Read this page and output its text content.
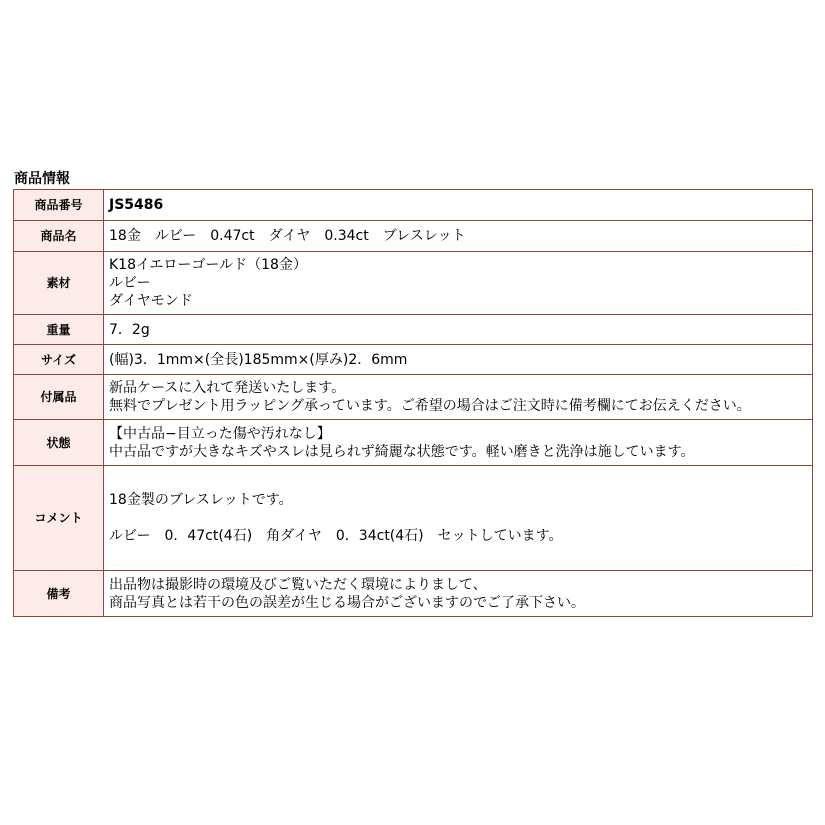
商品情報
商品番号	JS5486

商品名	18金　ルビー　0.47ct　ダイヤ　0.34ct　ブレスレット

素材	K18イエローゴールド（18金）
ルビー
ダイヤモンド

重量	7．2g

サイズ	(幅)3．1mm×(全長)185mm×(厚み)2．6mm

付属品	新品ケースに入れて発送いたします。
無料でプレゼント用ラッピング承っています。ご希望の場合はご注文時に備考欄にてお伝えください。

状態	【中古品−目立った傷や汚れなし】
中古品ですが大きなキズやスレは見られず綺麗な状態です。軽い磨きと洗浄は施しています。

コメント	18金製のブレスレットです。
ルビー　0．47ct(4石)　角ダイヤ　0．34ct(4石)　セットしています。

備考	出品物は撮影時の環境及びご覧いただく環境によりまして、
商品写真とは若干の色の誤差が生じる場合がございますのでご了承下さい。
